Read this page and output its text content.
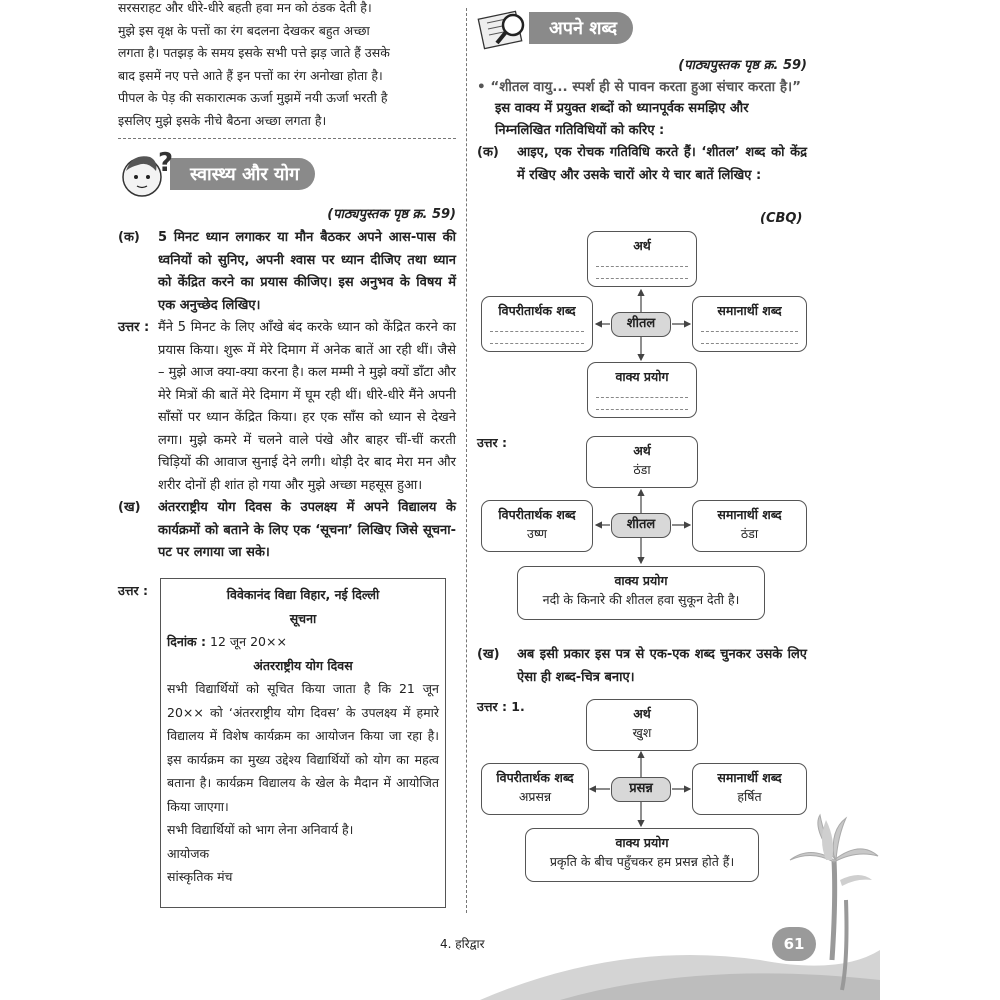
सरसराहट और धीरे-धीरे बहती हवा मन को ठंडक देती है।

मुझे इस वृक्ष के पत्तों का रंग बदलना देखकर बहुत अच्छा

लगता है। पतझड़ के समय इसके सभी पत्ते झड़ जाते हैं उसके

बाद इसमें नए पत्ते आते हैं इन पत्तों का रंग अनोखा होता है।

पीपल के पेड़ की सकारात्मक ऊर्जा मुझमें नयी ऊर्जा भरती है

इसलिए मुझे इसके नीचे बैठना अच्छा लगता है।

? स्वास्थ्य और योग

(पाठ्यपुस्तक पृष्ठ क्र. 59)

(क)	5 मिनट ध्यान लगाकर या मौन बैठकर अपने आस-पास की ध्वनियों को सुनिए, अपनी श्वास पर ध्यान दीजिए तथा ध्यान को केंद्रित करने का प्रयास कीजिए। इस अनुभव के विषय में एक अनुच्छेद लिखिए।
उत्तर : मैंने 5 मिनट के लिए आँखे बंद करके ध्यान को केंद्रित करने का प्रयास किया। शुरू में मेरे दिमाग में अनेक बातें आ रही थीं। जैसे – मुझे आज क्या-क्या करना है। कल मम्मी ने मुझे क्यों डाँटा और मेरे मित्रों की बातें मेरे दिमाग में घूम रही थीं। धीरे-धीरे मैंने अपनी साँसों पर ध्यान केंद्रित किया। हर एक साँस को ध्यान से देखने लगा। मुझे कमरे में चलने वाले पंखे और बाहर चीं-चीं करती चिड़ियों की आवाज सुनाई देने लगी। थोड़ी देर बाद मेरा मन और शरीर दोनों ही शांत हो गया और मुझे अच्छा महसूस हुआ।
(ख)	अंतरराष्ट्रीय योग दिवस के उपलक्ष्य में अपने विद्यालय के कार्यक्रमों को बताने के लिए एक ‘सूचना’ लिखिए जिसे सूचना-पट पर लगाया जा सके।
उत्तर :	विवेकानंद विद्या विहार, नई दिल्ली

सूचना

दिनांक : 12 जून 20××

अंतरराष्ट्रीय योग दिवस

सभी विद्यार्थियों को सूचित किया जाता है कि 21 जून 20×× को ‘अंतरराष्ट्रीय योग दिवस’ के उपलक्ष्य में हमारे विद्यालय में विशेष कार्यक्रम का आयोजन किया जा रहा है। इस कार्यक्रम का मुख्य उद्देश्य विद्यार्थियों को योग का महत्व बताना है। कार्यक्रम विद्यालय के खेल के मैदान में आयोजित किया जाएगा।

सभी विद्यार्थियों को भाग लेना अनिवार्य है।

आयोजक

सांस्कृतिक मंच

अपने शब्द

(पाठ्यपुस्तक पृष्ठ क्र. 59)

• “शीतल वायु... स्पर्श ही से पावन करता हुआ संचार करता है।”

इस वाक्य में प्रयुक्त शब्दों को ध्यानपूर्वक समझिए और निम्नलिखित गतिविधियों को करिए :

(क)	आइए, एक रोचक गतिविधि करते हैं। ‘शीतल’ शब्द को केंद्र में रखिए और उसके चारों ओर ये चार बातें लिखिए :
(CBQ)
अर्थ
विपरीतार्थक शब्द
शीतल
समानार्थी शब्द
वाक्य प्रयोग
उत्तर :
अर्थ
ठंडा
विपरीतार्थक शब्द
उष्ण
शीतल
समानार्थी शब्द
ठंडा
वाक्य प्रयोग
नदी के किनारे की शीतल हवा सुकून देती है।
(ख)	अब इसी प्रकार इस पत्र से एक-एक शब्द चुनकर उसके लिए ऐसा ही शब्द-चित्र बनाए।
उत्तर : 1.	अर्थ
खुश
विपरीतार्थक शब्द
अप्रसन्न
प्रसन्न
समानार्थी शब्द
हर्षित
वाक्य प्रयोग
प्रकृति के बीच पहुँचकर हम प्रसन्न होते हैं।
4. हरिद्वार	61
